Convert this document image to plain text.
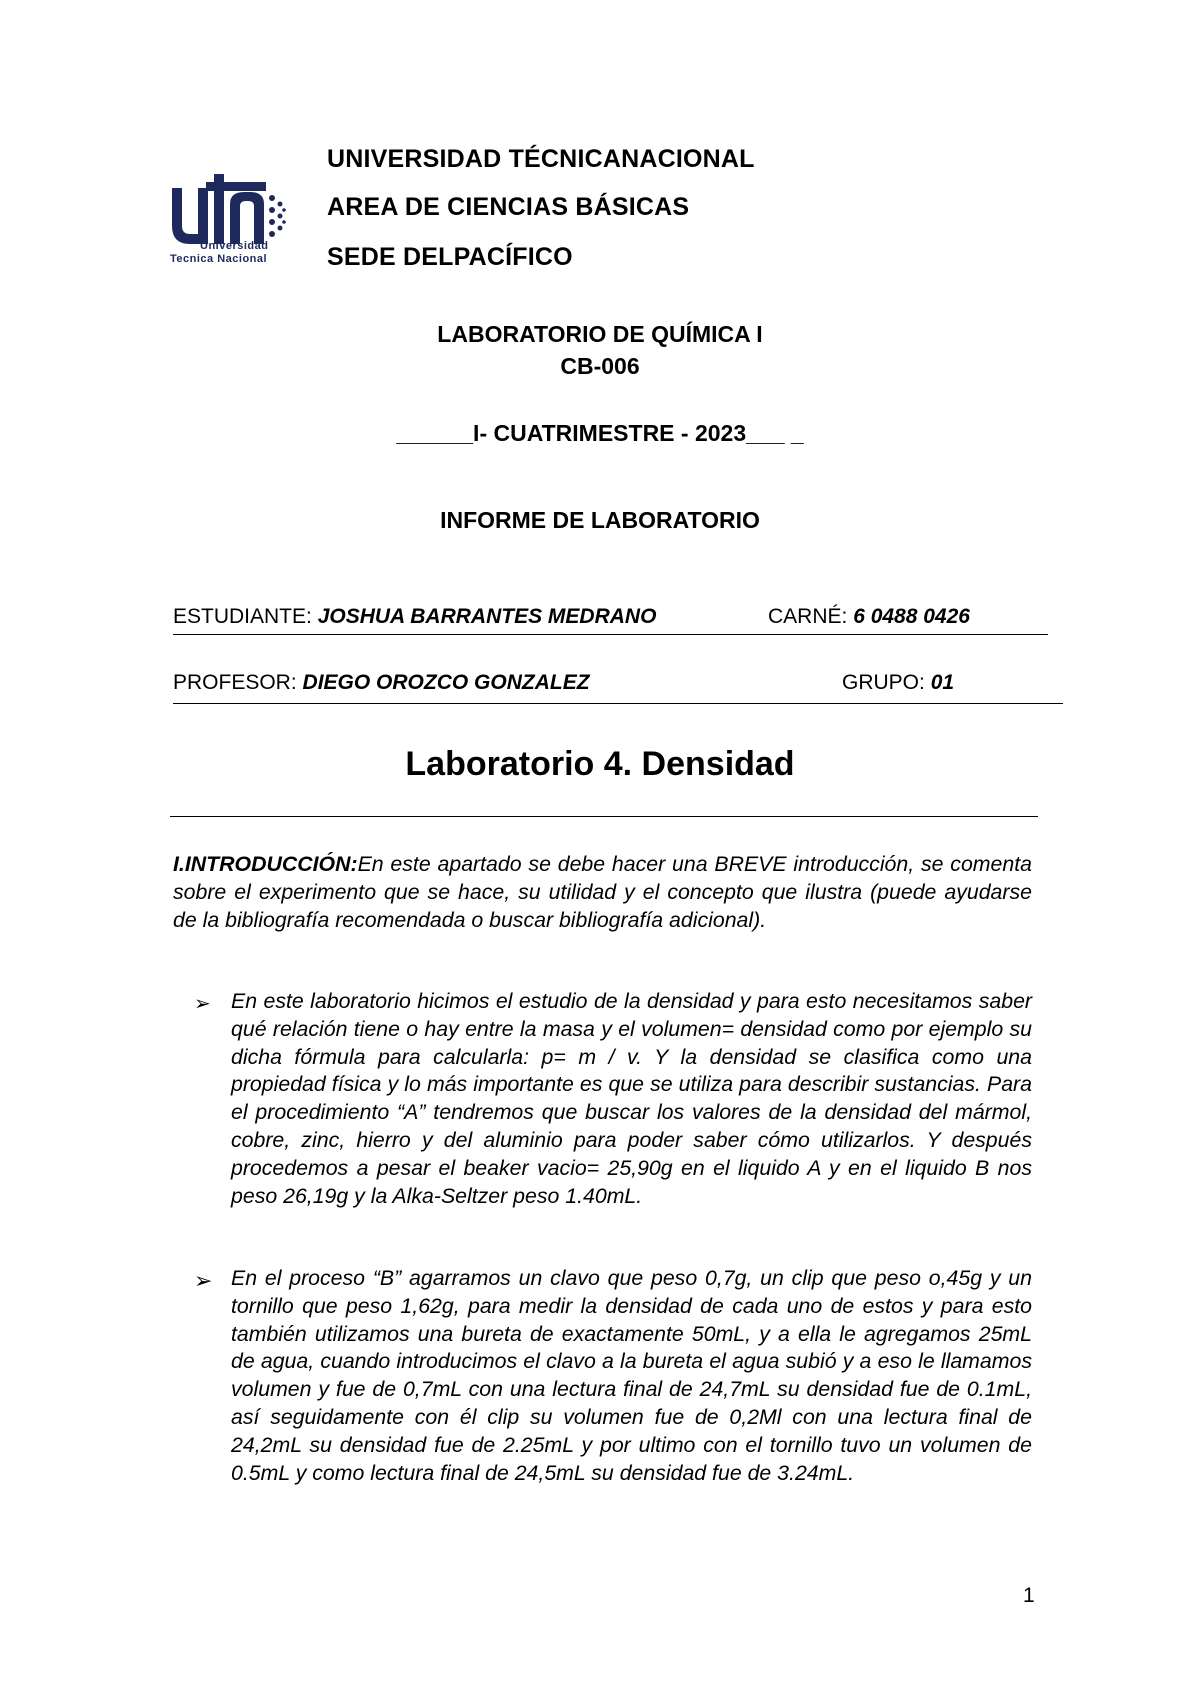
Universidad
Tecnica Nacional
UNIVERSIDAD TÉCNICANACIONAL
AREA DE CIENCIAS BÁSICAS
SEDE DELPACÍFICO
LABORATORIO DE QUÍMICA I
CB-006
______I- CUATRIMESTRE - 2023___ _
INFORME DE LABORATORIO
ESTUDIANTE: JOSHUA BARRANTES MEDRANO	CARNÉ: 6 0488 0426
PROFESOR: DIEGO OROZCO GONZALEZ	GRUPO: 01
Laboratorio 4. Densidad
I.INTRODUCCIÓN:En este apartado se debe hacer una BREVE introducción, se comenta sobre el experimento que se hace, su utilidad y el concepto que ilustra (puede ayudarse de la bibliografía recomendada o buscar bibliografía adicional).
➢ En este laboratorio hicimos el estudio de la densidad y para esto necesitamos saber qué relación tiene o hay entre la masa y el volumen= densidad como por ejemplo su dicha fórmula para calcularla: p= m / v. Y la densidad se clasifica como una propiedad física y lo más importante es que se utiliza para describir sustancias. Para el procedimiento “A” tendremos que buscar los valores de la densidad del mármol, cobre, zinc, hierro y del aluminio para poder saber cómo utilizarlos. Y después procedemos a pesar el beaker vacio= 25,90g en el liquido A y en el liquido B nos peso 26,19g y la Alka-Seltzer peso 1.40mL.
➢ En el proceso “B” agarramos un clavo que peso 0,7g, un clip que peso o,45g y un tornillo que peso 1,62g, para medir la densidad de cada uno de estos y para esto también utilizamos una bureta de exactamente 50mL, y a ella le agregamos 25mL de agua, cuando introducimos el clavo a la bureta el agua subió y a eso le llamamos volumen y fue de 0,7mL con una lectura final de 24,7mL su densidad fue de 0.1mL, así seguidamente con él clip su volumen fue de 0,2Ml con una lectura final de 24,2mL su densidad fue de 2.25mL y por ultimo con el tornillo tuvo un volumen de 0.5mL y como lectura final de 24,5mL su densidad fue de 3.24mL.
1
